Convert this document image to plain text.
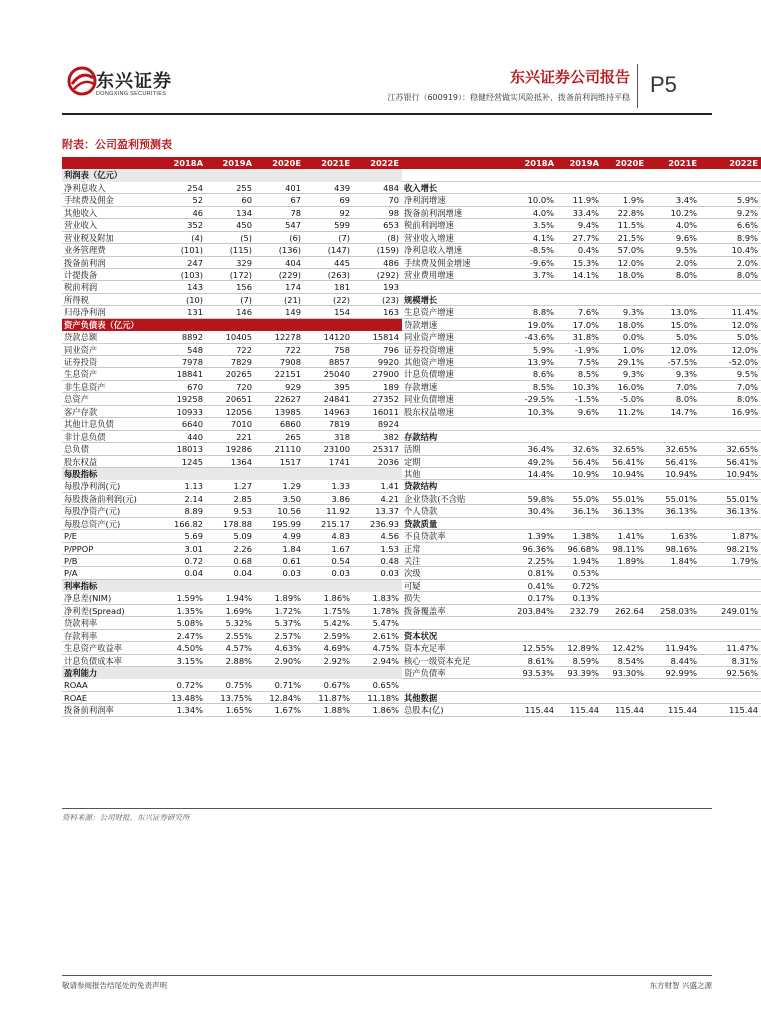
东兴证券
DONGXING SECURITIES
东兴证券公司报告
江苏银行（600919）：稳健经营做实风险抵补，拨备前利润维持平稳
P5
附表：公司盈利预测表
2018A	2019A	2020E	2021E	2022E	2018A	2019A	2020E	2021E	2022E
利润表（亿元）
净利息收入	254	255	401	439	484 收入增长
手续费及佣金	52	60	67	69	70 净利润增速	10.0%	11.9%	1.9%	3.4%	5.9%
其他收入	46	134	78	92	98 拨备前利润增速	4.0%	33.4%	22.8%	10.2%	9.2%
营业收入	352	450	547	599	653 税前利润增速	3.5%	9.4%	11.5%	4.0%	6.6%
营业税及附加	(4)	(5)	(6)	(7)	(8) 营业收入增速	4.1%	27.7%	21.5%	9.6%	8.9%
业务管理费	(101)	(115)	(136)	(147)	(159) 净利息收入增速	-8.5%	0.4%	57.0%	9.5%	10.4%
拨备前利润	247	329	404	445	486 手续费及佣金增速	-9.6%	15.3%	12.0%	2.0%	2.0%
计提拨备	(103)	(172)	(229)	(263)	(292) 营业费用增速	3.7%	14.1%	18.0%	8.0%	8.0%
税前利润	143	156	174	181	193
所得税	(10)	(7)	(21)	(22)	(23) 规模增长
归母净利润	131	146	149	154	163 生息资产增速	8.8%	7.6%	9.3%	13.0%	11.4%
资产负债表（亿元）	贷款增速	19.0%	17.0%	18.0%	15.0%	12.0%
贷款总额	8892	10405	12278	14120	15814 同业资产增速	-43.6%	31.8%	0.0%	5.0%	5.0%
同业资产	548	722	722	758	796 证券投资增速	5.9%	-1.9%	1.0%	12.0%	12.0%
证券投资	7978	7829	7908	8857	9920 其他资产增速	13.9%	7.5%	29.1%	-57.5%	-52.0%
生息资产	18841	20265	22151	25040	27900 计息负债增速	8.6%	8.5%	9.3%	9.3%	9.5%
非生息资产	670	720	929	395	189 存款增速	8.5%	10.3%	16.0%	7.0%	7.0%
总资产	19258	20651	22627	24841	27352 同业负债增速	-29.5%	-1.5%	-5.0%	8.0%	8.0%
客户存款	10933	12056	13985	14963	16011 股东权益增速	10.3%	9.6%	11.2%	14.7%	16.9%
其他计息负债	6640	7010	6860	7819	8924
非计息负债	440	221	265	318	382 存款结构
总负债	18013	19286	21110	23100	25317 活期	36.4%	32.6%	32.65%	32.65%	32.65%
股东权益	1245	1364	1517	1741	2036 定期	49.2%	56.4%	56.41%	56.41%	56.41%
每股指标	其他	14.4%	10.9%	10.94%	10.94%	10.94%
每股净利润(元)	1.13	1.27	1.29	1.33	1.41 贷款结构
每股拨备前利润(元)	2.14	2.85	3.50	3.86	4.21 企业贷款(不含贴	59.8%	55.0%	55.01%	55.01%	55.01%
每股净资产(元)	8.89	9.53	10.56	11.92	13.37 个人贷款	30.4%	36.1%	36.13%	36.13%	36.13%
每股总资产(元)	166.82	178.88	195.99	215.17	236.93 贷款质量
P/E	5.69	5.09	4.99	4.83	4.56 不良贷款率	1.39%	1.38%	1.41%	1.63%	1.87%
P/PPOP	3.01	2.26	1.84	1.67	1.53 正常	96.36%	96.68%	98.11%	98.16%	98.21%
P/B	0.72	0.68	0.61	0.54	0.48 关注	2.25%	1.94%	1.89%	1.84%	1.79%
P/A	0.04	0.04	0.03	0.03	0.03 次级	0.81%	0.53%
利率指标	可疑	0.41%	0.72%
净息差(NIM)	1.59%	1.94%	1.89%	1.86%	1.83% 损失	0.17%	0.13%
净利差(Spread)	1.35%	1.69%	1.72%	1.75%	1.78% 拨备覆盖率	203.84%	232.79	262.64	258.03%	249.01%
贷款利率	5.08%	5.32%	5.37%	5.42%	5.47%
存款利率	2.47%	2.55%	2.57%	2.59%	2.61% 资本状况
生息资产收益率	4.50%	4.57%	4.63%	4.69%	4.75% 资本充足率	12.55%	12.89%	12.42%	11.94%	11.47%
计息负债成本率	3.15%	2.88%	2.90%	2.92%	2.94% 核心一级资本充足	8.61%	8.59%	8.54%	8.44%	8.31%
盈利能力	资产负债率	93.53%	93.39%	93.30%	92.99%	92.56%
ROAA	0.72%	0.75%	0.71%	0.67%	0.65%
ROAE	13.48%	13.75%	12.84%	11.87%	11.18% 其他数据
拨备前利润率	1.34%	1.65%	1.67%	1.88%	1.86% 总股本(亿)	115.44	115.44	115.44	115.44	115.44
资料来源：公司财报、东兴证券研究所
敬请参阅报告结尾处的免责声明	东方财智 兴盛之源
